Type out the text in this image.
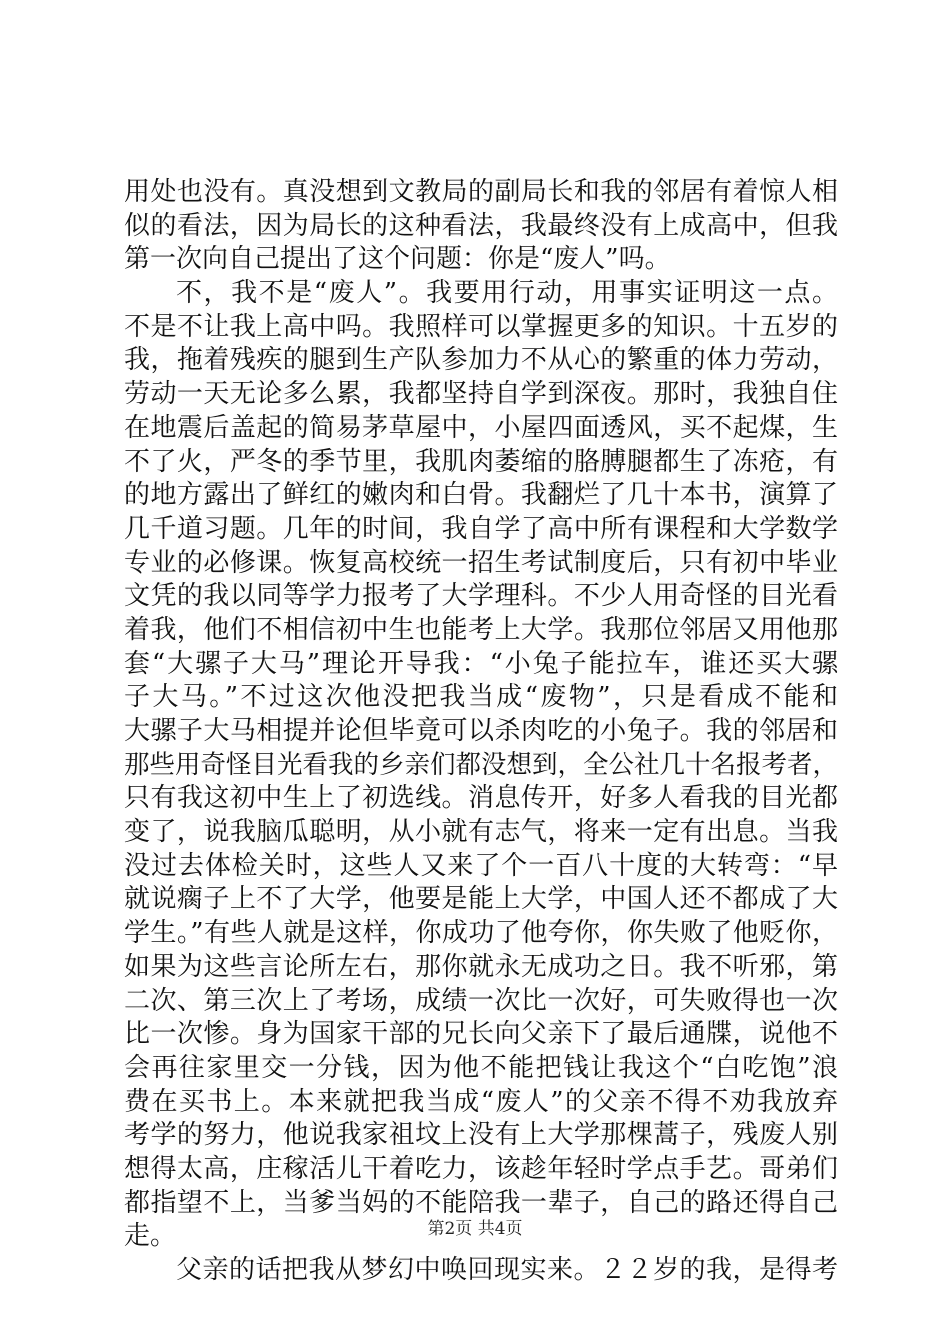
用处也没有。真没想到文教局的副局长和我的邻居有着惊人相
似的看法，因为局长的这种看法，我最终没有上成高中，但我
第一次向自己提出了这个问题：你是“废人”吗。
不，我不是“废人”。我要用行动，用事实证明这一点。
不是不让我上高中吗。我照样可以掌握更多的知识。十五岁的
我，拖着残疾的腿到生产队参加力不从心的繁重的体力劳动，
劳动一天无论多么累，我都坚持自学到深夜。那时，我独自住
在地震后盖起的简易茅草屋中，小屋四面透风，买不起煤，生
不了火，严冬的季节里，我肌肉萎缩的胳膊腿都生了冻疮，有
的地方露出了鲜红的嫩肉和白骨。我翻烂了几十本书，演算了
几千道习题。几年的时间，我自学了高中所有课程和大学数学
专业的必修课。恢复高校统一招生考试制度后，只有初中毕业
文凭的我以同等学力报考了大学理科。不少人用奇怪的目光看
着我，他们不相信初中生也能考上大学。我那位邻居又用他那
套“大骡子大马”理论开导我：“小兔子能拉车，谁还买大骡
子大马。”不过这次他没把我当成“废物”，只是看成不能和
大骡子大马相提并论但毕竟可以杀肉吃的小兔子。我的邻居和
那些用奇怪目光看我的乡亲们都没想到，全公社几十名报考者，
只有我这初中生上了初选线。消息传开，好多人看我的目光都
变了，说我脑瓜聪明，从小就有志气，将来一定有出息。当我
没过去体检关时，这些人又来了个一百八十度的大转弯：“早
就说瘸子上不了大学，他要是能上大学，中国人还不都成了大
学生。”有些人就是这样，你成功了他夸你，你失败了他贬你，
如果为这些言论所左右，那你就永无成功之日。我不听邪，第
二次、第三次上了考场，成绩一次比一次好，可失败得也一次
比一次惨。身为国家干部的兄长向父亲下了最后通牒，说他不
会再往家里交一分钱，因为他不能把钱让我这个“白吃饱”浪
费在买书上。本来就把我当成“废人”的父亲不得不劝我放弃
考学的努力，他说我家祖坟上没有上大学那棵蒿子，残废人别
想得太高，庄稼活儿干着吃力，该趁年轻时学点手艺。哥弟们
都指望不上，当爹当妈的不能陪我一辈子，自己的路还得自己
走。
父亲的话把我从梦幻中唤回现实来。２２岁的我，是得考
第2页 共4页
